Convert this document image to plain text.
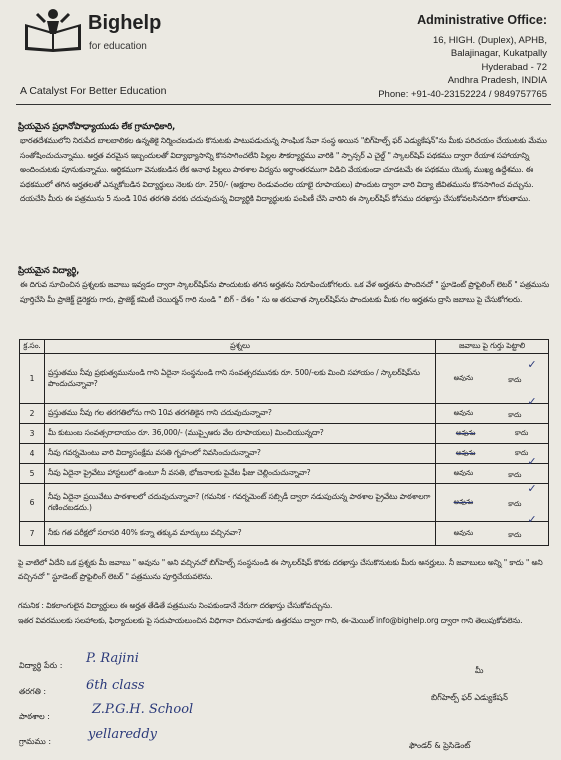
Bighelp
for education
A Catalyst For Better Education
Administrative Office:
16, HIGH. (Duplex), APHB,
Balajinagar, Kukatpally
Hyderabad - 72
Andhra Pradesh, INDIA
Phone: +91-40-23152224 / 9849757765
ప్రియమైన ప్రధానోపాధ్యాయుడు లేక గ్రామాధికారి,
భారతదేశములోని నిరుపేద బాలబాలికల ఉన్నతికై నిర్మించబడుచు కొనుటకు పాటుపడుచున్న సాంఘిక సేవా సంస్థ అయిన "బిగ్‌హెల్ప్ ఫర్ ఎడ్యుకేషన్"ను మీకు పరిచయం చేయుటకు మేము సంతోషించుచున్నాము. అర్హత వరమైన ఇబ్బందులతో విద్యాభ్యాసాన్ని కొనసాగించలేని పిల్లల సౌకర్యార్థము వారికి " స్పాన్సర్ ఎ చైల్డ్ " స్కాలర్‌షిప్ పథకము ద్వారా రేయాశ సహాయాన్ని అందించుటకు పూనుకున్నాము. ఆర్థికముగా వెనుకబడిన లేక అనాథ పిల్లలు పాఠశాల విద్యను అర్థాంతరముగా విడిచి వేయకుండా చూడటమే ఈ పథకము యొక్క ముఖ్య ఉద్దేశము. ఈ పథకములో తగిన అర్హతలతో ఎన్నుకోబడిన విద్యార్థులు నెలకు రూ. 250/- (అక్షరాల రెండువందల యాభై రూపాయలు) పొందుట ద్వారా వారి విద్యా జీవితమును కొనసాగించ వచ్చును. దయచేసి మీరు ఈ పత్రమును 5 నుండి 10వ తరగతి వరకు చదువుచున్న విద్యార్థికి విద్యార్థులకు పంపిణీ చేసి వారిని ఈ స్కాలర్‌షిప్ కోసము దరఖాస్తు చేసుకోవలసినదిగా కోరుతాము.
ప్రియమైన విద్యార్థి,
ఈ దిగువ సూచించిన ప్రశ్నలకు జవాబు ఇవ్వడం ద్వారా స్కాలర్‌షిప్‌ను పొందుటకు తగిన అర్హతను నిరూపించుకోగలరు. ఒక వేళ అర్హతను పొందినచో " స్టూడెంట్ ప్రొఫైలింగ్ లెటర్ " పత్రమును పూర్తిచేసి మీ ప్రాజెక్ట్ డైరెక్టరు గారు, ప్రాజెక్ట్ కమిటీ చెయిర్మన్ గారి నుండి " బిగ్ - దేశం " సు ఆ తరువాత స్కాలర్‌షిప్‌ను పొందుటకు మీకు గల అర్హతను ద్రాసి జబాబు పై చేసుకోగలరు.
క్ర.సం.	ప్రశ్నలు	జవాబు పై గుర్తు పెట్టాలి
1	ప్రస్తుతము నీవు ప్రభుత్వమునుండి గాని ఏదైనా సంస్థనుండి గాని సంవత్సరమునకు రూ. 500/-లకు మించి సహాయం / స్కాలర్‌షిప్‌ను పొందుచున్నావా?	అవును కాదు✓

2	ప్రస్తుతము నీవు గల తరగతిలోను గాని 10వ తరగతికైన గాని చదువుచున్నావా?	అవును కాదు✓

3	మీ కుటుంబ సంవత్సరాదాయం రూ. 36,000/- (ముప్పైఆరు వేల రూపాయలు) మించియున్నదా?	అవును కాదు

4	నీవు గవర్నమెంటు వారి విద్యాసంక్షేమ వసతి గృహంలో నివసించుచున్నావా?	అవును కాదు

5	నీవు ఏదైనా ప్రైవేటు హాస్టలులో ఉంటూ నీ వసతి, భోజనాలకు పైవేట ఫీజు చెల్లించుచున్నావా?	అవును కాదు✓

6	నీవు ఏదైనా ప్రయివేటు పాఠశాలలో చదువుచున్నావా? (గమనిక - గవర్నమెంట్ సబ్సిడీ ద్వారా నడుపుచున్న పాఠశాల ప్రైవేటు పాఠశాలగా గణించబడదు.)	అవును కాదు✓

7	నీకు గత పరీక్షలో సరాసరి 40% కన్నా తక్కువ మార్కులు వచ్చినవా?	అవును కాదు✓
పై వాటిలో ఏదేని ఒక ప్రశ్నకు మీ జవాబు " అవును " అని వచ్చినచో బిగ్‌హెల్ప్ సంస్థనుండి ఈ స్కాలర్‌షిప్ కొరకు దరఖాస్తు చేసుకొనుటకు మీరు అనర్హులు. నీ జవాబులు అన్ని " కాదు " అని వచ్చినచో " స్టూడెంట్ ప్రొఫైలింగ్ లెటర్ " పత్రమును పూర్తిచేయవలెను.
గమనిక : వికలాంగులైన విద్యార్థులు ఈ అర్హత తేడితే పత్రమును నింపకుండానే నేరుగా దరఖాస్తు చేసుకోవచ్చును.
ఇతర వివరములకు సలహాలకు, ఫిర్యాదులకు పై సదుపాయలుంచిన విధిగానా చిరునామాకు ఉత్తరము ద్వారా గాని, ఈ-మెయిల్ info@bighelp.org ద్వారా గాని తెలుపుకోవలెను.
విద్యార్థి పేరు : P. Rajini
తరగతి :	6th class
పాఠశాల :	Z.P.G.H. School
గ్రామము :	yellareddy
మీ
బిగ్‌హెల్ప్ ఫర్ ఎడ్యుకేషన్
ఫౌండర్ & ప్రెసిడెంట్
